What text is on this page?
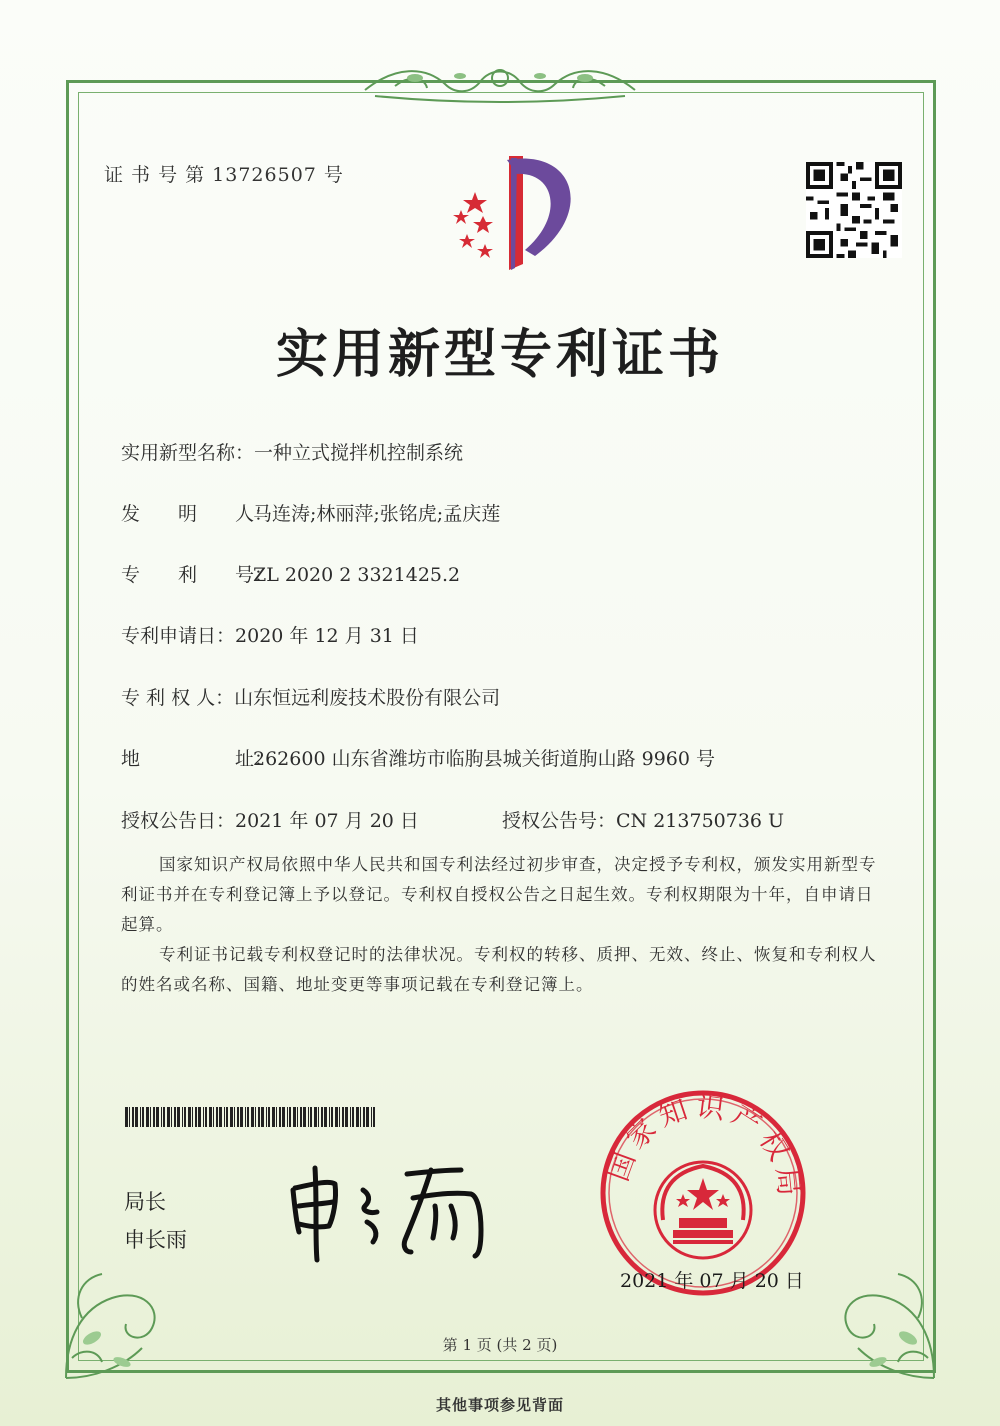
证 书 号 第 13726507 号
实用新型专利证书
实用新型名称：一种立式搅拌机控制系统
发　　明　　人：马连涛;林丽萍;张铭虎;孟庆莲
专　　利　　号：ZL 2020 2 3321425.2
专利申请日：2020 年 12 月 31 日
专 利 权 人：山东恒远利废技术股份有限公司
地　　　　　址：262600 山东省潍坊市临朐县城关街道朐山路 9960 号
授权公告日：2021 年 07 月 20 日	授权公告号：CN 213750736 U

国家知识产权局依照中华人民共和国专利法经过初步审查，决定授予专利权，颁发实用新型专利证书并在专利登记簿上予以登记。专利权自授权公告之日起生效。专利权期限为十年，自申请日起算。

专利证书记载专利权登记时的法律状况。专利权的转移、质押、无效、终止、恢复和专利权人的姓名或名称、国籍、地址变更等事项记载在专利登记簿上。

局长
申长雨
国家知识产权局
2021 年 07 月 20 日
第 1 页 (共 2 页)
其他事项参见背面
